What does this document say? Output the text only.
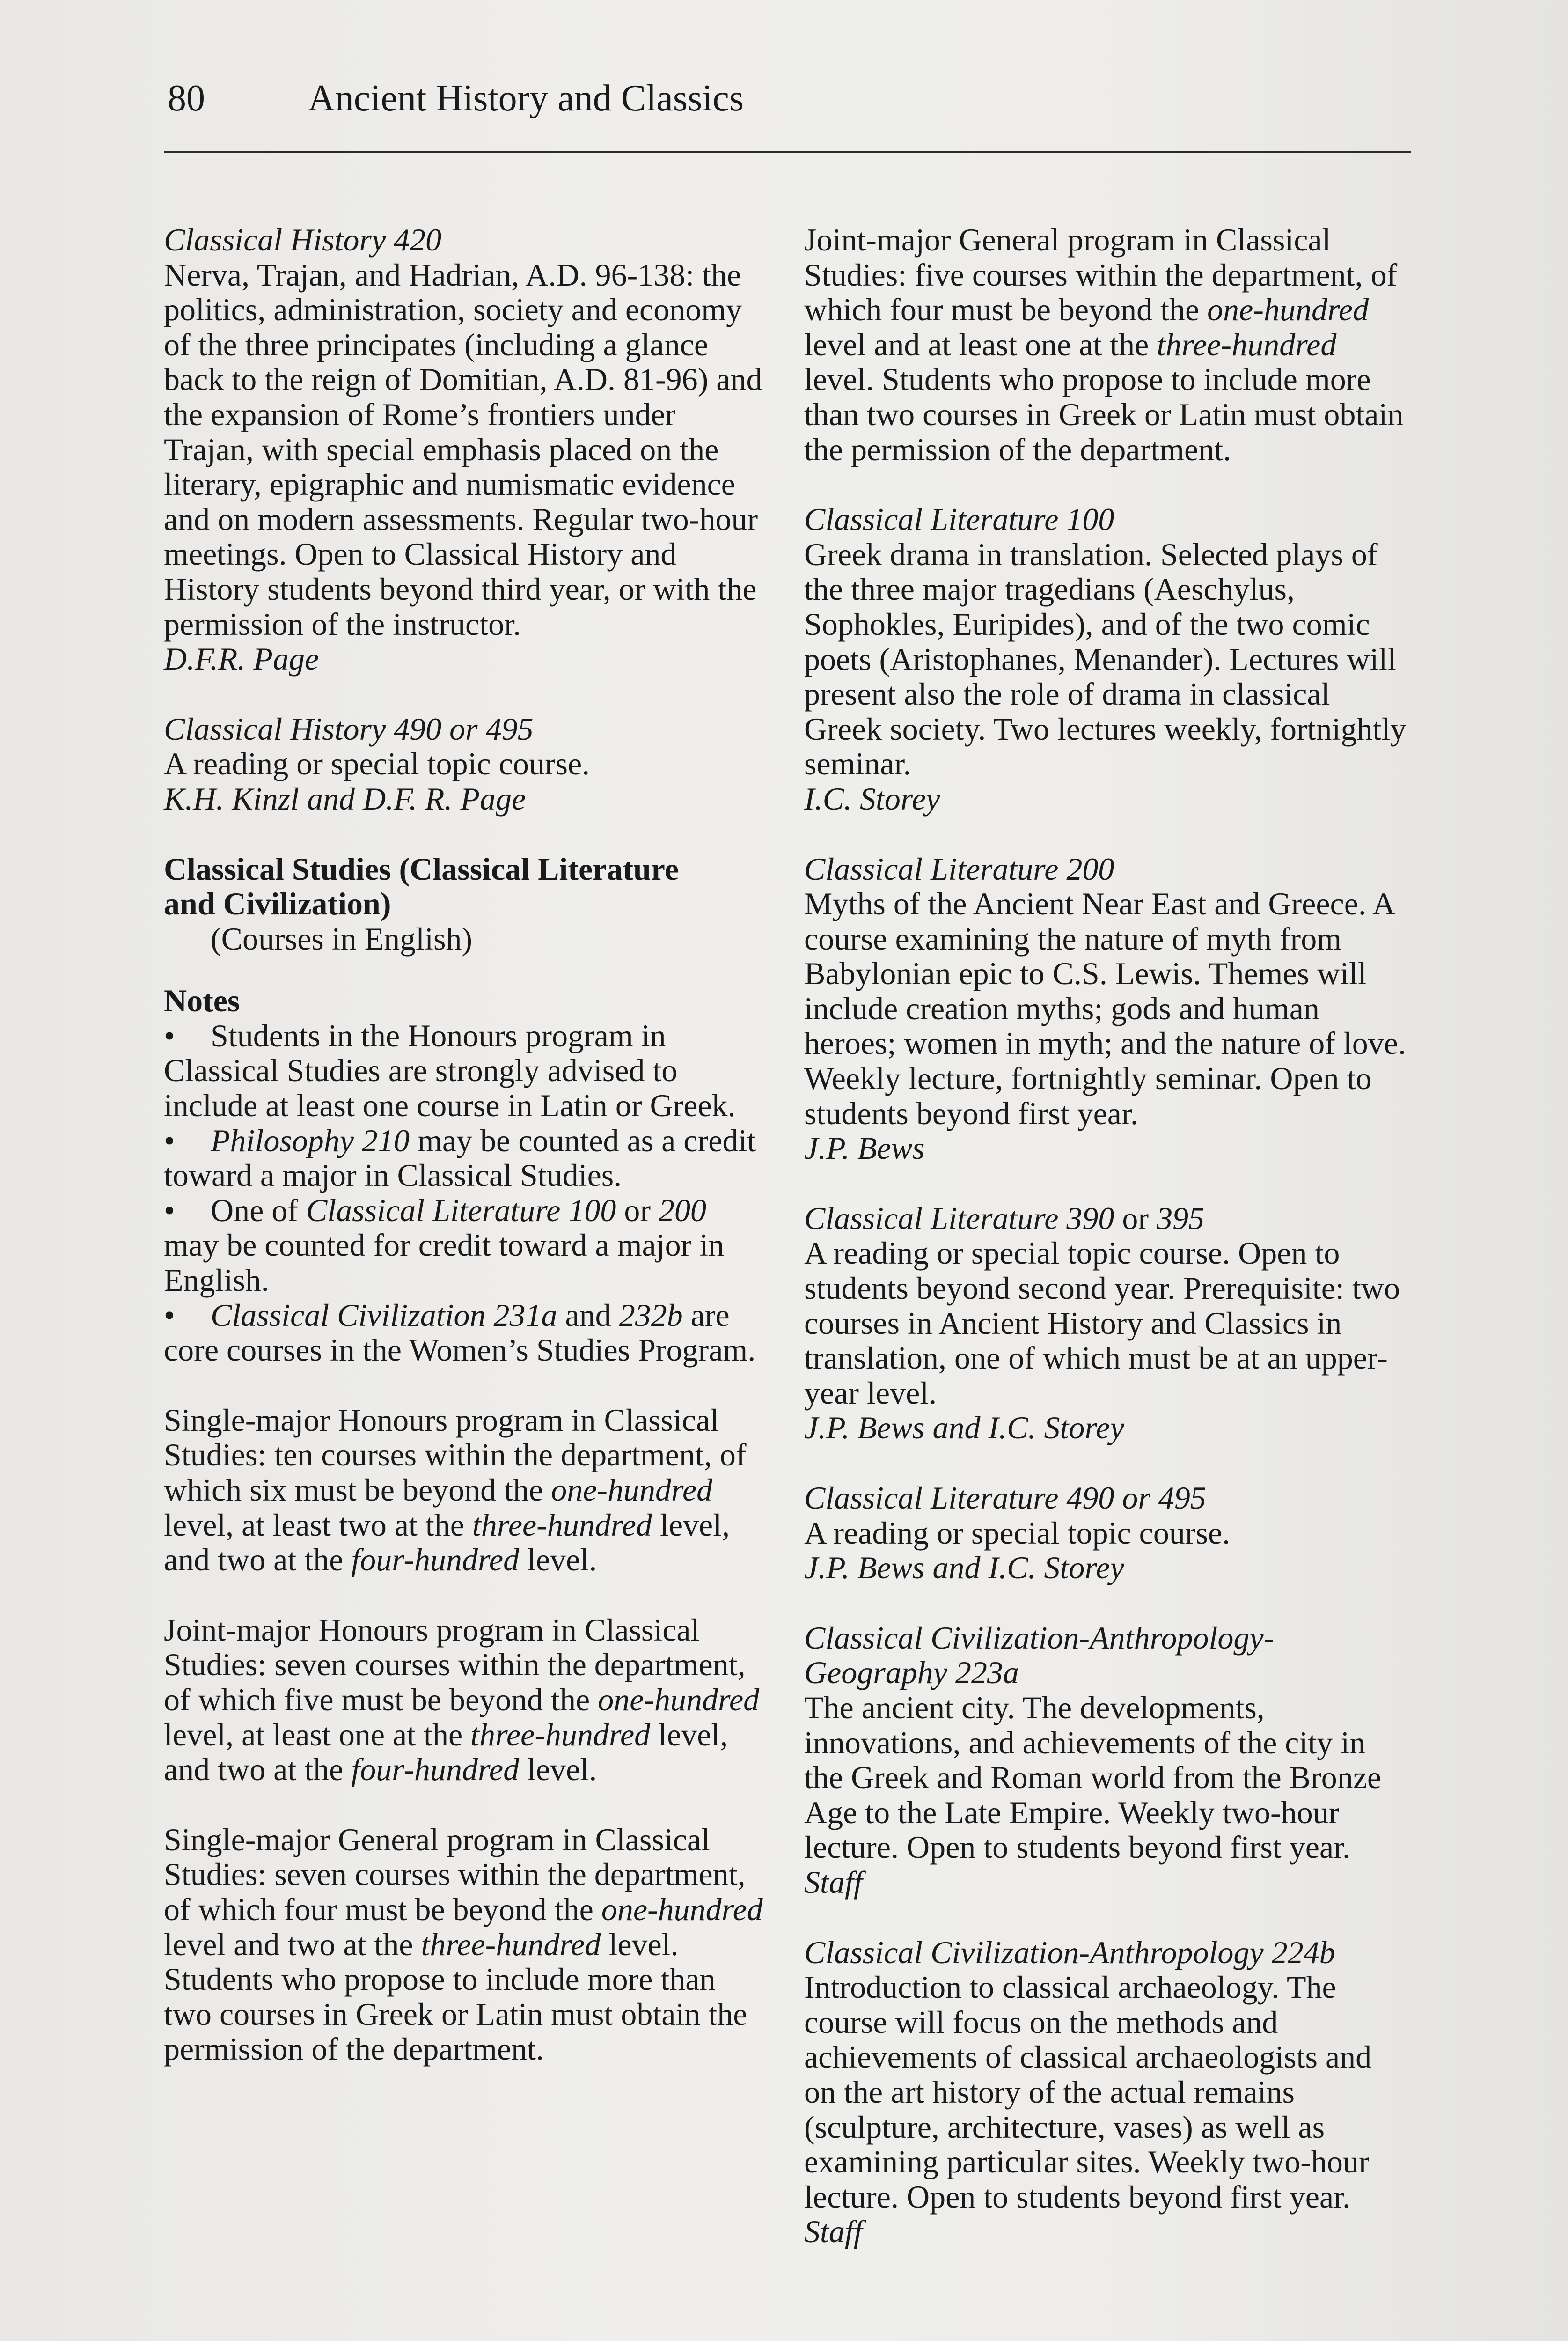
80	Ancient History and Classics

Classical History 420

Nerva, Trajan, and Hadrian, A.D. 96-138: the politics, administration, society and economy of the three principates (including a glance back to the reign of Domitian, A.D. 81-96) and the expansion of Rome’s frontiers under Trajan, with special emphasis placed on the literary, epigraphic and numismatic evidence and on modern assessments. Regular two-hour meetings. Open to Classical History and History students beyond third year, or with the permission of the instructor.

D.F.R. Page

Classical History 490 or 495

A reading or special topic course.

K.H. Kinzl and D.F. R. Page

Classical Studies (Classical Literature

and Civilization)

(Courses in English)

Notes

• Students in the Honours program in Classical Studies are strongly advised to include at least one course in Latin or Greek.

• Philosophy 210 may be counted as a credit toward a major in Classical Studies.

• One of Classical Literature 100 or 200 may be counted for credit toward a major in English.

• Classical Civilization 231a and 232b are core courses in the Women’s Studies Program.

Single-major Honours program in Classical Studies: ten courses within the department, of which six must be beyond the one-hundred level, at least two at the three-hundred level, and two at the four-hundred level.

Joint-major Honours program in Classical Studies: seven courses within the department, of which five must be beyond the one-hundred level, at least one at the three-hundred level, and two at the four-hundred level.

Single-major General program in Classical Studies: seven courses within the department, of which four must be beyond the one-hundred level and two at the three-hundred level. Students who propose to include more than two courses in Greek or Latin must obtain the permission of the department.

Joint-major General program in Classical Studies: five courses within the department, of which four must be beyond the one-hundred level and at least one at the three-hundred level. Students who propose to include more than two courses in Greek or Latin must obtain the permission of the department.

Classical Literature 100

Greek drama in translation. Selected plays of the three major tragedians (Aeschylus, Sophokles, Euripides), and of the two comic poets (Aristophanes, Menander). Lectures will present also the role of drama in classical Greek society. Two lectures weekly, fortnightly seminar.

I.C. Storey

Classical Literature 200

Myths of the Ancient Near East and Greece. A course examining the nature of myth from Babylonian epic to C.S. Lewis. Themes will include creation myths; gods and human heroes; women in myth; and the nature of love. Weekly lecture, fortnightly seminar. Open to students beyond first year.

J.P. Bews

Classical Literature 390 or 395

A reading or special topic course. Open to students beyond second year. Prerequisite: two courses in Ancient History and Classics in translation, one of which must be at an upper-year level.

J.P. Bews and I.C. Storey

Classical Literature 490 or 495

A reading or special topic course.

J.P. Bews and I.C. Storey

Classical Civilization-Anthropology-

Geography 223a

The ancient city. The developments, innovations, and achievements of the city in the Greek and Roman world from the Bronze Age to the Late Empire. Weekly two-hour lecture. Open to students beyond first year.

Staff

Classical Civilization-Anthropology 224b

Introduction to classical archaeology. The course will focus on the methods and achievements of classical archaeologists and on the art history of the actual remains (sculpture, architecture, vases) as well as examining particular sites. Weekly two-hour lecture. Open to students beyond first year.

Staff
